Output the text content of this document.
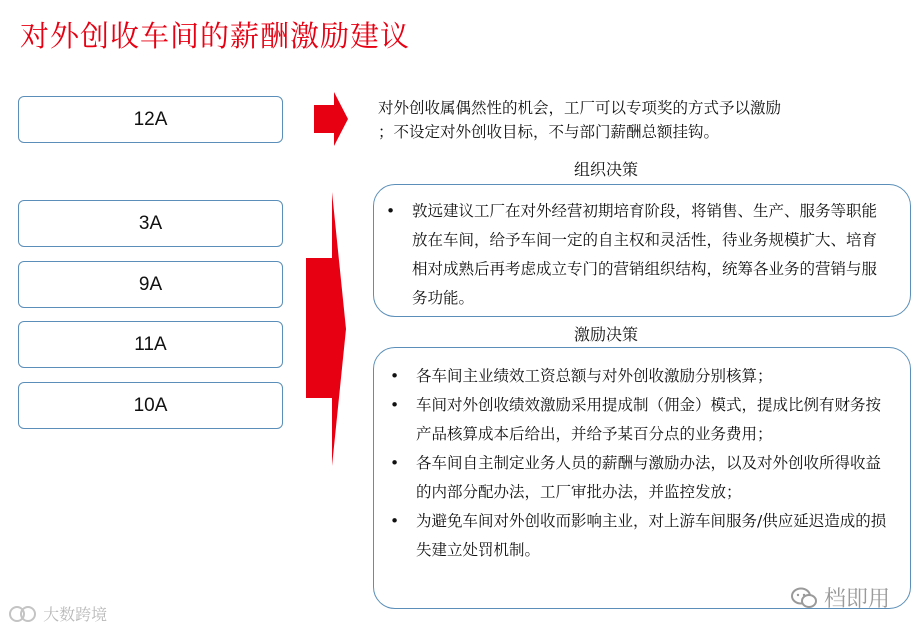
对外创收车间的薪酬激励建议
12A
对外创收属偶然性的机会，工厂可以专项奖的方式予以激励
；不设定对外创收目标，不与部门薪酬总额挂钩。
3A
9A
11A
10A
组织决策
• 敦远建议工厂在对外经营初期培育阶段，将销售、生产、服务等职能放在车间，给予车间一定的自主权和灵活性，待业务规模扩大、培育相对成熟后再考虑成立专门的营销组织结构，统筹各业务的营销与服务功能。
激励决策
• 各车间主业绩效工资总额与对外创收激励分别核算；
• 车间对外创收绩效激励采用提成制（佣金）模式，提成比例有财务按产品核算成本后给出，并给予某百分点的业务费用；
• 各车间自主制定业务人员的薪酬与激励办法，以及对外创收所得收益的内部分配办法，工厂审批办法，并监控发放；
• 为避免车间对外创收而影响主业，对上游车间服务/供应延迟造成的损失建立处罚机制。
大数跨境
档即用
